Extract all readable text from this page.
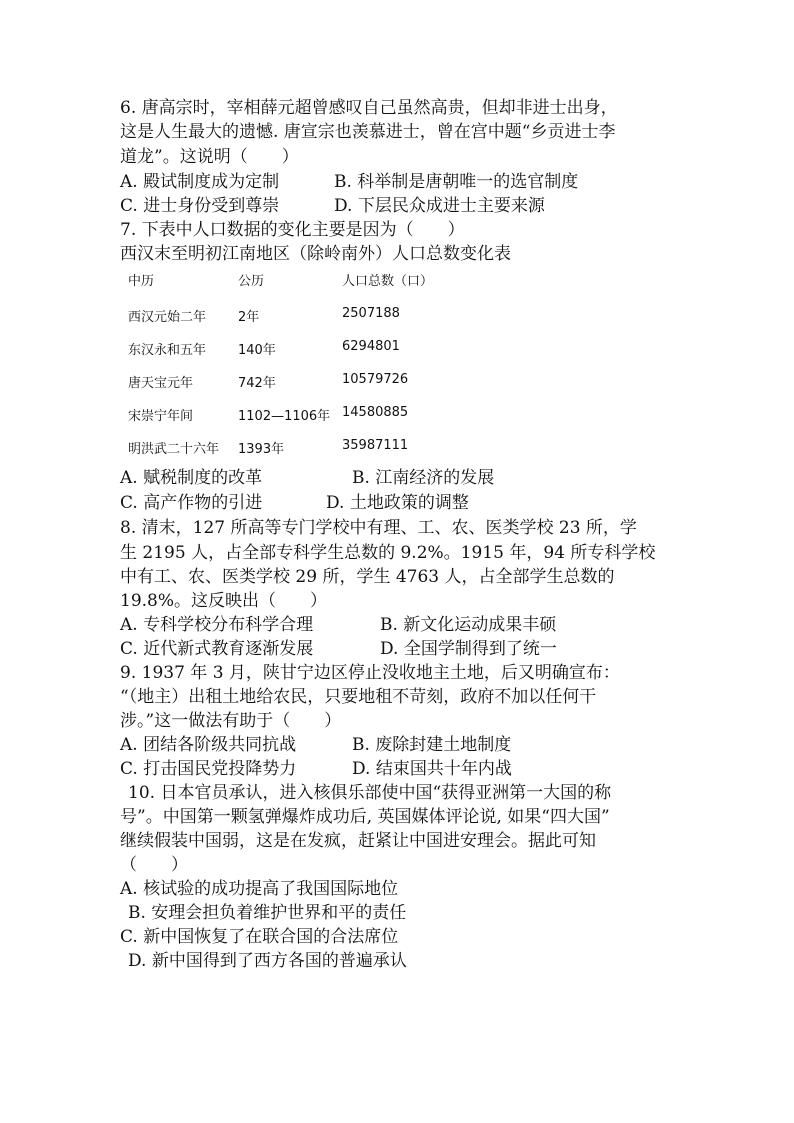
6. 唐高宗时，宰相薛元超曾感叹自己虽然高贵，但却非进士出身，
这是人生最大的遗憾. 唐宣宗也羡慕进士，曾在宫中题“乡贡进士李
道龙”。这说明（　　）
A. 殿试制度成为定制	B. 科举制是唐朝唯一的选官制度
C. 进士身份受到尊崇	D. 下层民众成进士主要来源
7. 下表中人口数据的变化主要是因为（　　）
西汉末至明初江南地区（除岭南外）人口总数变化表
中历	公历	人口总数（口）
西汉元始二年 2年	2507188
东汉永和五年 140年	6294801
唐天宝元年	742年	10579726
宋崇宁年间	1102—1106年 14580885
明洪武二十六年 1393年	35987111
A. 赋税制度的改革	B. 江南经济的发展
C. 高产作物的引进	D. 土地政策的调整
8. 清末，127 所高等专门学校中有理、工、农、医类学校 23 所，学
生 2195 人，占全部专科学生总数的 9.2%。1915 年，94 所专科学校
中有工、农、医类学校 29 所，学生 4763 人，占全部学生总数的
19.8%。这反映出（　　）
A. 专科学校分布科学合理	B. 新文化运动成果丰硕
C. 近代新式教育逐渐发展	D. 全国学制得到了统一
9. 1937 年 3 月，陕甘宁边区停止没收地主土地，后又明确宣布：
“（地主）出租土地给农民，只要地租不苛刻，政府不加以任何干
涉。”这一做法有助于（　　）
A. 团结各阶级共同抗战	B. 废除封建土地制度
C. 打击国民党投降势力	D. 结束国共十年内战
10. 日本官员承认，进入核俱乐部使中国“获得亚洲第一大国的称
号”。中国第一颗氢弹爆炸成功后, 英国媒体评论说, 如果“四大国”
继续假装中国弱，这是在发疯，赶紧让中国进安理会。据此可知
（　　）
A. 核试验的成功提高了我国国际地位
B. 安理会担负着维护世界和平的责任
C. 新中国恢复了在联合国的合法席位
D. 新中国得到了西方各国的普遍承认
